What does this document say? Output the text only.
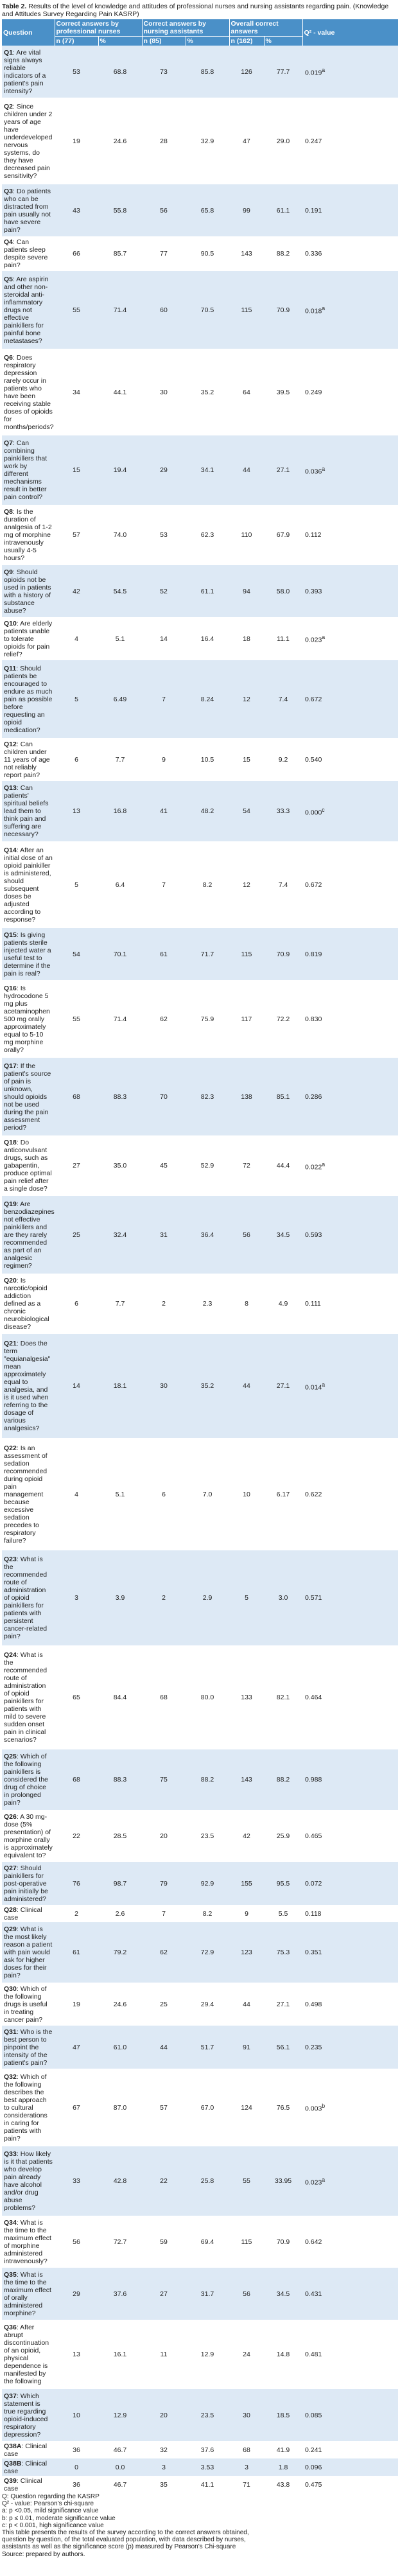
Table 2. Results of the level of knowledge and attitudes of professional nurses and nursing assistants regarding pain. (Knowledge and Attitudes Survey Regarding Pain KASRP)
Question	Correct answers by professional nurses		Correct answers by nursing assistants		Overall correct answers		Q² - value
	n (77)	%	n (85)	%	n (162)	%	
Q1: Are vital signs always reliable indicators of a patient's pain intensity?	53	68.8	73	85.8	126	77.7	0.019$^a$
Q2: Since children under 2 years of age have underdeveloped nervous systems, do they have decreased pain sensitivity?	19	24.6	28	32.9	47	29.0	0.247
Q3: Do patients who can be distracted from pain usually not have severe pain?	43	55.8	56	65.8	99	61.1	0.191
Q4: Can patients sleep despite severe pain?	66	85.7	77	90.5	143	88.2	0.336
Q5: Are aspirin and other non-steroidal anti-inflammatory drugs not effective painkillers for painful bone metastases?	55	71.4	60	70.5	115	70.9	0.018$^a$
Q6: Does respiratory depression rarely occur in patients who have been receiving stable doses of opioids for months/periods?	34	44.1	30	35.2	64	39.5	0.249
Q7: Can combining painkillers that work by different mechanisms result in better pain control?	15	19.4	29	34.1	44	27.1	0.036$^a$
Q8: Is the duration of analgesia of 1-2 mg of morphine intravenously usually 4-5 hours?	57	74.0	53	62.3	110	67.9	0.112
Q9: Should opioids not be used in patients with a history of substance abuse?	42	54.5	52	61.1	94	58.0	0.393
Q10: Are elderly patients unable to tolerate opioids for pain relief?	4	5.1	14	16.4	18	11.1	0.023$^a$
Q11: Should patients be encouraged to endure as much pain as possible before requesting an opioid medication?	5	6.49	7	8.24	12	7.4	0.672
Q12: Can children under 11 years of age not reliably report pain?	6	7.7	9	10.5	15	9.2	0.540
Q13: Can patients' spiritual beliefs lead them to think pain and suffering are necessary?	13	16.8	41	48.2	54	33.3	0.000$^c$
Q14: After an initial dose of an opioid painkiller is administered, should subsequent doses be adjusted according to response?	5	6.4	7	8.2	12	7.4	0.672
Q15: Is giving patients sterile injected water a useful test to determine if the pain is real?	54	70.1	61	71.7	115	70.9	0.819
Q16: Is hydrocodone 5 mg plus acetaminophen 500 mg orally approximately equal to 5-10 mg morphine orally?	55	71.4	62	75.9	117	72.2	0.830
Q17: If the patient's source of pain is unknown, should opioids not be used during the pain assessment period?	68	88.3	70	82.3	138	85.1	0.286
Q18: Do anticonvulsant drugs, such as gabapentin, produce optimal pain relief after a single dose?	27	35.0	45	52.9	72	44.4	0.022$^a$
Q19: Are benzodiazepines not effective painkillers and are they rarely recommended as part of an analgesic regimen?	25	32.4	31	36.4	56	34.5	0.593
Q20: Is narcotic/opioid addiction defined as a chronic neurobiological disease?	6	7.7	2	2.3	8	4.9	0.111
Q21: Does the term "equianalgesia" mean approximately equal to analgesia, and is it used when referring to the dosage of various analgesics?	14	18.1	30	35.2	44	27.1	0.014$^a$
Q22: Is an assessment of sedation recommended during opioid pain management because excessive sedation precedes to respiratory failure?	4	5.1	6	7.0	10	6.17	0.622
Q23: What is the recommended route of administration of opioid painkillers for patients with persistent cancer-related pain?	3	3.9	2	2.9	5	3.0	0.571
Q24: What is the recommended route of administration of opioid painkillers for patients with mild to severe sudden onset pain in clinical scenarios?	65	84.4	68	80.0	133	82.1	0.464
Q25: Which of the following painkillers is considered the drug of choice in prolonged pain?	68	88.3	75	88.2	143	88.2	0.988
Q26: A 30 mg- dose (5% presentation) of morphine orally is approximately equivalent to?	22	28.5	20	23.5	42	25.9	0.465
Q27: Should painkillers for post-operative pain initially be administered?	76	98.7	79	92.9	155	95.5	0.072
Q28: Clinical case	2	2.6	7	8.2	9	5.5	0.118
Q29: What is the most likely reason a patient with pain would ask for higher doses for their pain?	61	79.2	62	72.9	123	75.3	0.351
Q30: Which of the following drugs is useful in treating cancer pain?	19	24.6	25	29.4	44	27.1	0.498
Q31: Who is the best person to pinpoint the intensity of the patient's pain?	47	61.0	44	51.7	91	56.1	0.235
Q32: Which of the following describes the best approach to cultural considerations in caring for patients with pain?	67	87.0	57	67.0	124	76.5	0.003$^b$
Q33: How likely is it that patients who develop pain already have alcohol and/or drug abuse problems?	33	42.8	22	25.8	55	33.95	0.023$^a$
Q34: What is the time to the maximum effect of morphine administered intravenously?	56	72.7	59	69.4	115	70.9	0.642
Q35: What is the time to the maximum effect of orally administered morphine?	29	37.6	27	31.7	56	34.5	0.431
Q36: After abrupt discontinuation of an opioid, physical dependence is manifested by the following	13	16.1	11	12.9	24	14.8	0.481
Q37: Which statement is true regarding opioid-induced respiratory depression?	10	12.9	20	23.5	30	18.5	0.085
Q38A: Clinical case	36	46.7	32	37.6	68	41.9	0.241
Q38B: Clinical case	0	0.0	3	3.53	3	1.8	0.096
Q39: Clinical case	36	46.7	35	41.1	71	43.8	0.475
Q: Question regarding the KASRP
Q² - value: Pearson's chi-square
a: p <0.05, mild significance value
b: p ≤ 0.01, moderate significance value
c: p < 0.001, high significance value
This table presents the results of the survey according to the correct answers obtained,
question by question, of the total evaluated population, with data described by nurses,
assistants as well as the significance score (p) measured by Pearson's Chi-square
Source: prepared by authors.
